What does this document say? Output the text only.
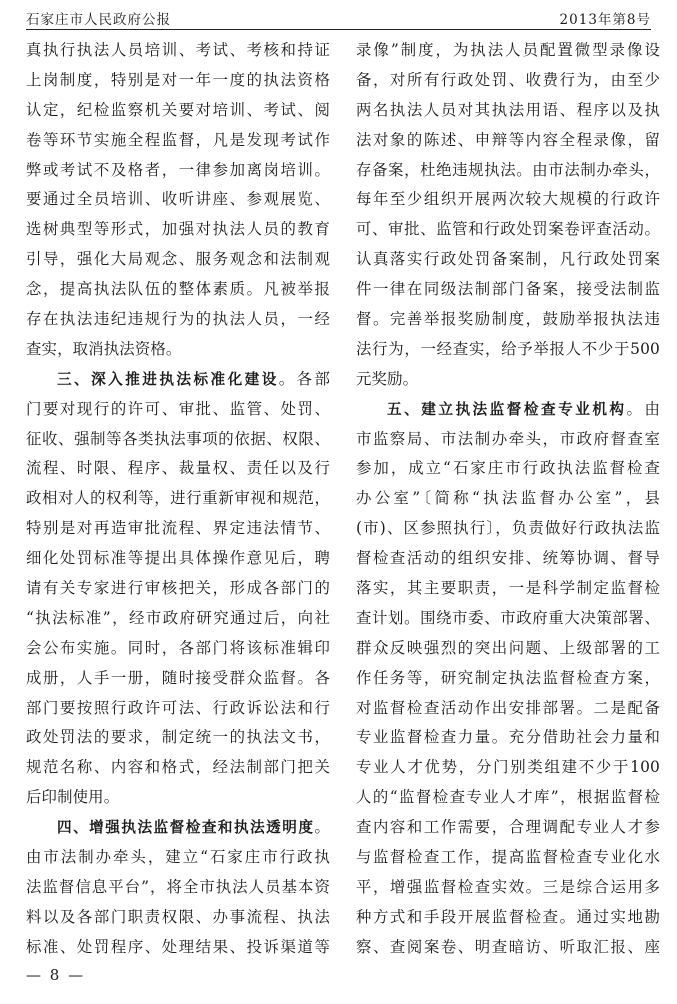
石家庄市人民政府公报	2013年第8号
真执行执法人员培训、考试、考核和持证
上岗制度，特别是对一年一度的执法资格
认定，纪检监察机关要对培训、考试、阅
卷等环节实施全程监督，凡是发现考试作
弊或考试不及格者，一律参加离岗培训。
要通过全员培训、收听讲座、参观展览、
选树典型等形式，加强对执法人员的教育
引导，强化大局观念、服务观念和法制观
念，提高执法队伍的整体素质。凡被举报
存在执法违纪违规行为的执法人员，一经
查实，取消执法资格。
三、深入推进执法标准化建设。各部
门要对现行的许可、审批、监管、处罚、
征收、强制等各类执法事项的依据、权限、
流程、时限、程序、裁量权、责任以及行
政相对人的权利等，进行重新审视和规范，
特别是对再造审批流程、界定违法情节、
细化处罚标准等提出具体操作意见后，聘
请有关专家进行审核把关，形成各部门的
“执法标准”，经市政府研究通过后，向社
会公布实施。同时，各部门将该标准辑印
成册，人手一册，随时接受群众监督。各
部门要按照行政许可法、行政诉讼法和行
政处罚法的要求，制定统一的执法文书，
规范名称、内容和格式，经法制部门把关
后印制使用。
四、增强执法监督检查和执法透明度。
由市法制办牵头，建立“石家庄市行政执
法监督信息平台”，将全市执法人员基本资
料以及各部门职责权限、办事流程、执法
标准、处罚程序、处理结果、投诉渠道等
录像”制度，为执法人员配置微型录像设
备，对所有行政处罚、收费行为，由至少
两名执法人员对其执法用语、程序以及执
法对象的陈述、申辩等内容全程录像，留
存备案，杜绝违规执法。由市法制办牵头，
每年至少组织开展两次较大规模的行政许
可、审批、监管和行政处罚案卷评查活动。
认真落实行政处罚备案制，凡行政处罚案
件一律在同级法制部门备案，接受法制监
督。完善举报奖励制度，鼓励举报执法违
法行为，一经查实，给予举报人不少于500
元奖励。
五、建立执法监督检查专业机构。由
市监察局、市法制办牵头，市政府督查室
参加，成立“石家庄市行政执法监督检查
办公室”〔简称“执法监督办公室”，县
(市)、区参照执行〕，负责做好行政执法监
督检查活动的组织安排、统筹协调、督导
落实，其主要职责，一是科学制定监督检
查计划。围绕市委、市政府重大决策部署、
群众反映强烈的突出问题、上级部署的工
作任务等，研究制定执法监督检查方案，
对监督检查活动作出安排部署。二是配备
专业监督检查力量。充分借助社会力量和
专业人才优势，分门别类组建不少于100
人的“监督检查专业人才库”，根据监督检
查内容和工作需要，合理调配专业人才参
与监督检查工作，提高监督检查专业化水
平，增强监督检查实效。三是综合运用多
种方式和手段开展监督检查。通过实地勘
察、查阅案卷、明查暗访、听取汇报、座
— 8 —
